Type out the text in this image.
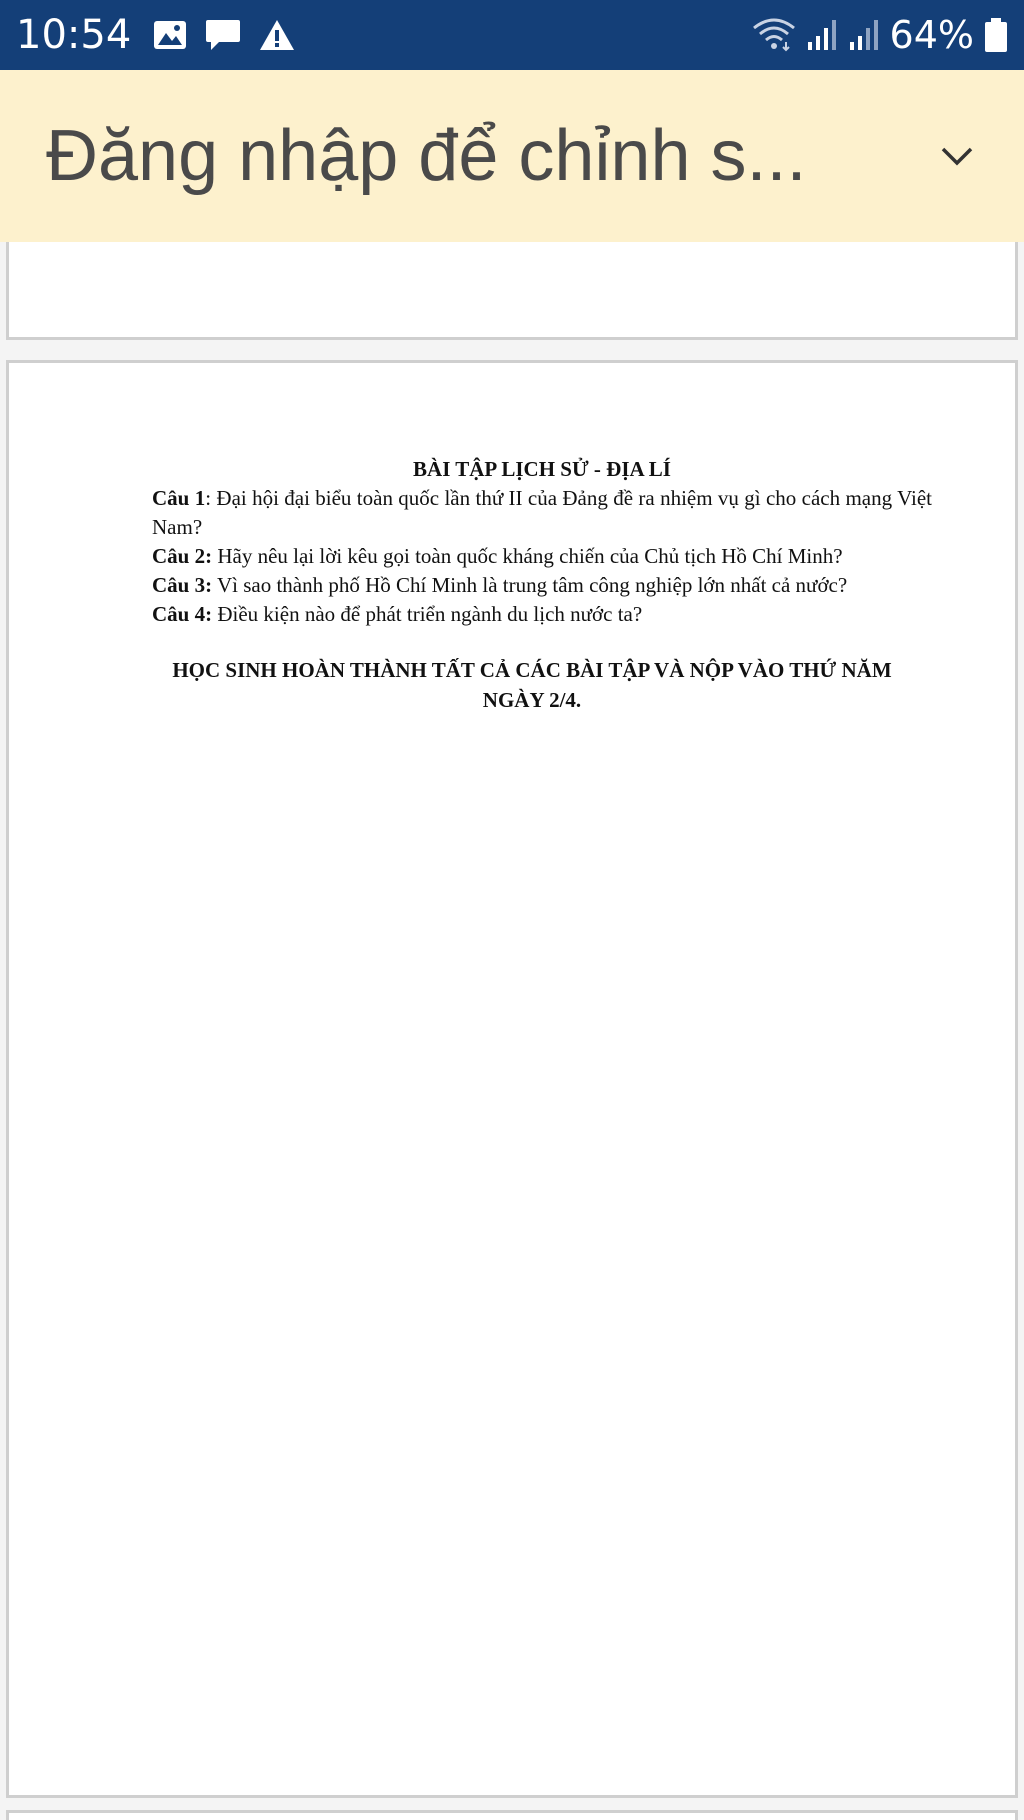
10:54	64%
Đăng nhập để chỉnh s...

BÀI TẬP LỊCH SỬ - ĐỊA LÍ

Câu 1: Đại hội đại biểu toàn quốc lần thứ II của Đảng đề ra nhiệm vụ gì cho cách mạng Việt Nam?

Câu 2: Hãy nêu lại lời kêu gọi toàn quốc kháng chiến của Chủ tịch Hồ Chí Minh?

Câu 3: Vì sao thành phố Hồ Chí Minh là trung tâm công nghiệp lớn nhất cả nước?

Câu 4: Điều kiện nào để phát triển ngành du lịch nước ta?

HỌC SINH HOÀN THÀNH TẤT CẢ CÁC BÀI TẬP VÀ NỘP VÀO THỨ NĂM NGÀY 2/4.
